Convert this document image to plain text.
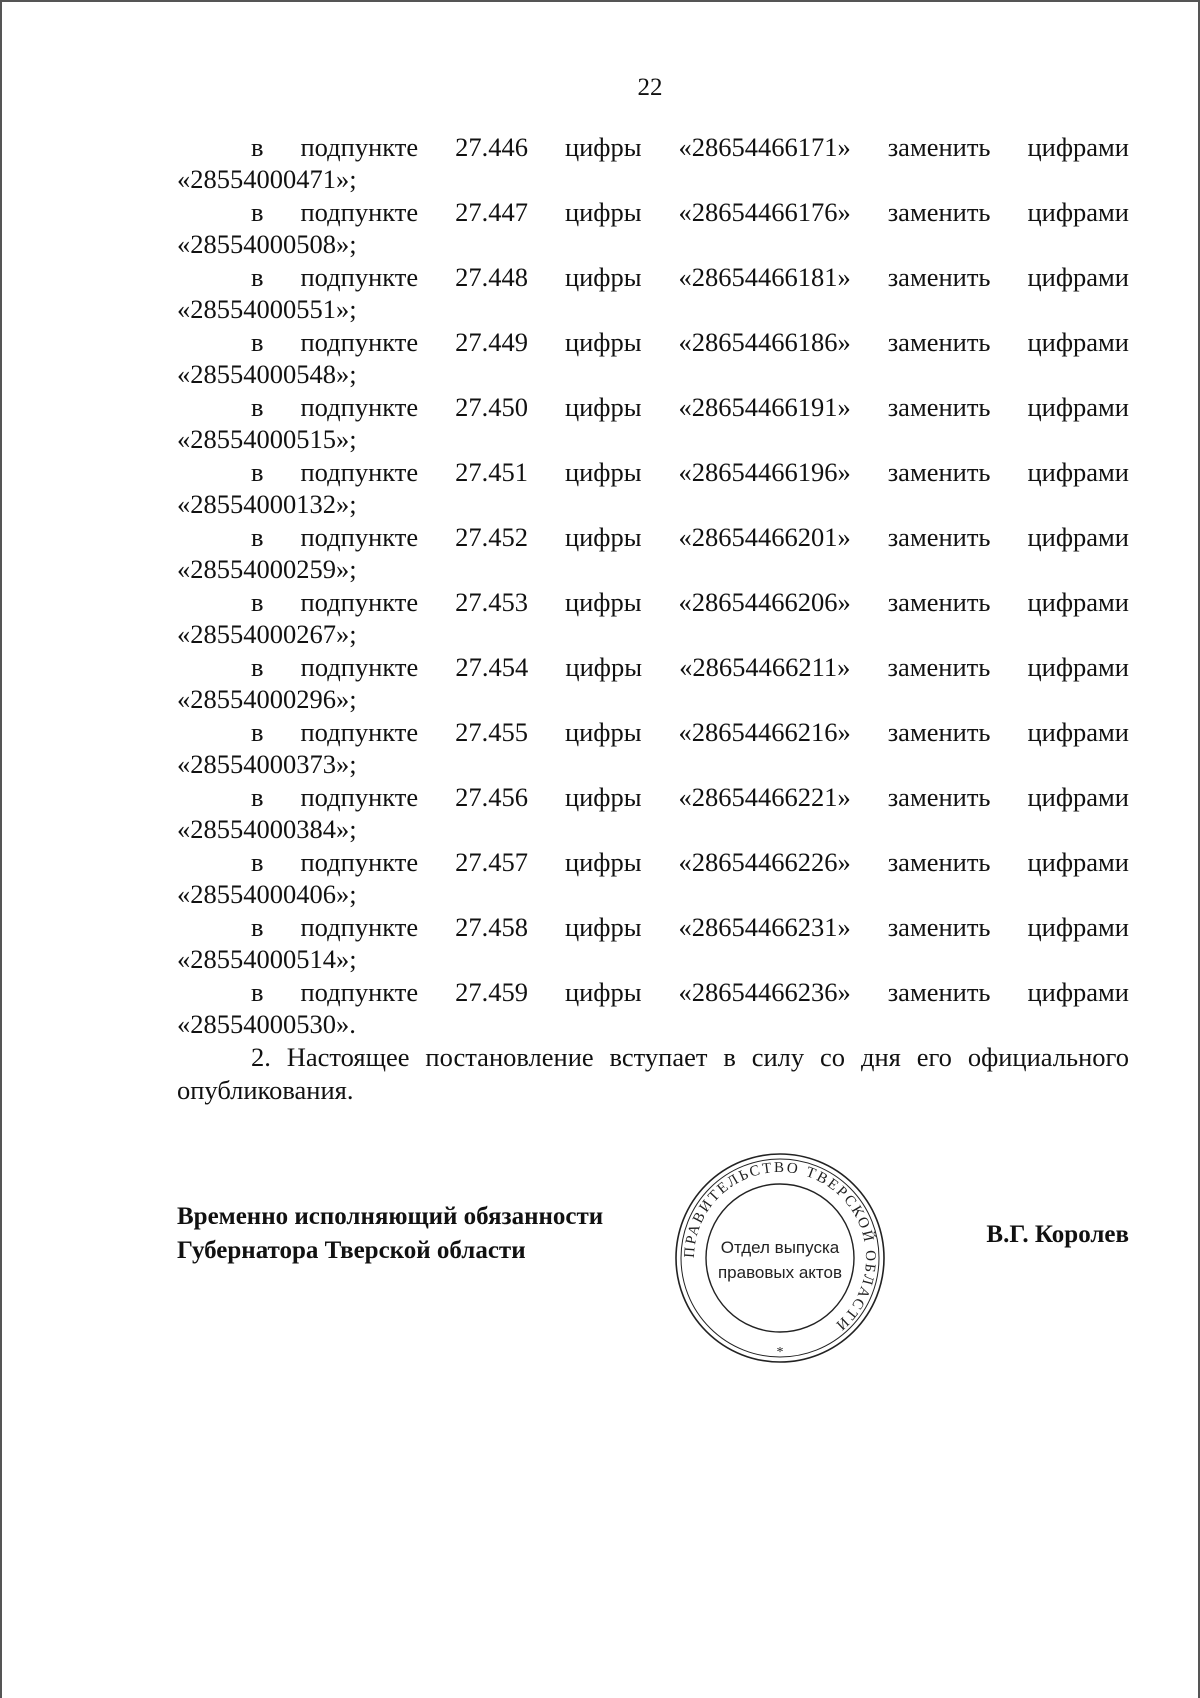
22
в подпункте 27.446 цифры «28654466171» заменить цифрами
«28554000471»;
в подпункте 27.447 цифры «28654466176» заменить цифрами
«28554000508»;
в подпункте 27.448 цифры «28654466181» заменить цифрами
«28554000551»;
в подпункте 27.449 цифры «28654466186» заменить цифрами
«28554000548»;
в подпункте 27.450 цифры «28654466191» заменить цифрами
«28554000515»;
в подпункте 27.451 цифры «28654466196» заменить цифрами
«28554000132»;
в подпункте 27.452 цифры «28654466201» заменить цифрами
«28554000259»;
в подпункте 27.453 цифры «28654466206» заменить цифрами
«28554000267»;
в подпункте 27.454 цифры «28654466211» заменить цифрами
«28554000296»;
в подпункте 27.455 цифры «28654466216» заменить цифрами
«28554000373»;
в подпункте 27.456 цифры «28654466221» заменить цифрами
«28554000384»;
в подпункте 27.457 цифры «28654466226» заменить цифрами
«28554000406»;
в подпункте 27.458 цифры «28654466231» заменить цифрами
«28554000514»;
в подпункте 27.459 цифры «28654466236» заменить цифрами
«28554000530».
2. Настоящее постановление вступает в силу со дня его официального опубликования.
Временно исполняющий обязанности
Губернатора Тверской области
В.Г. Королев
ПРАВИТЕЛЬСТВО ТВЕРСКОЙ ОБЛАСТИ
Отдел выпуска
правовых актов
*
